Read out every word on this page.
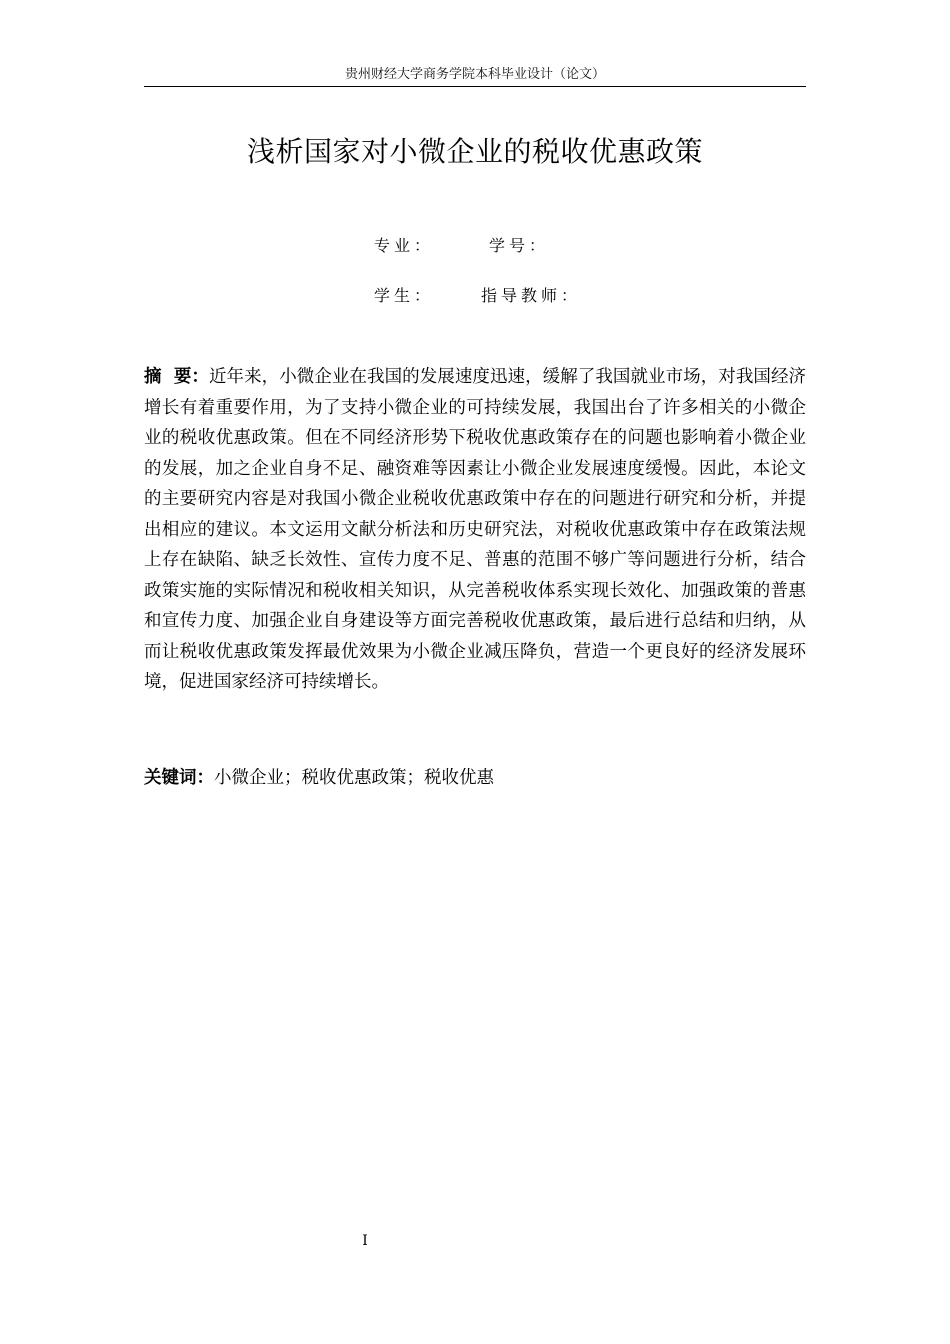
贵州财经大学商务学院本科毕业设计（论文）
浅析国家对小微企业的税收优惠政策
专业：	学号：
学生：	指导教师：
摘  要：近年来，小微企业在我国的发展速度迅速，缓解了我国就业市场，对我国经济增长有着重要作用，为了支持小微企业的可持续发展，我国出台了许多相关的小微企业的税收优惠政策。但在不同经济形势下税收优惠政策存在的问题也影响着小微企业的发展，加之企业自身不足、融资难等因素让小微企业发展速度缓慢。因此，本论文的主要研究内容是对我国小微企业税收优惠政策中存在的问题进行研究和分析，并提出相应的建议。本文运用文献分析法和历史研究法，对税收优惠政策中存在政策法规上存在缺陷、缺乏长效性、宣传力度不足、普惠的范围不够广等问题进行分析，结合政策实施的实际情况和税收相关知识，从完善税收体系实现长效化、加强政策的普惠和宣传力度、加强企业自身建设等方面完善税收优惠政策，最后进行总结和归纳，从而让税收优惠政策发挥最优效果为小微企业减压降负，营造一个更良好的经济发展环境，促进国家经济可持续增长。
关键词：小微企业；税收优惠政策；税收优惠
I
